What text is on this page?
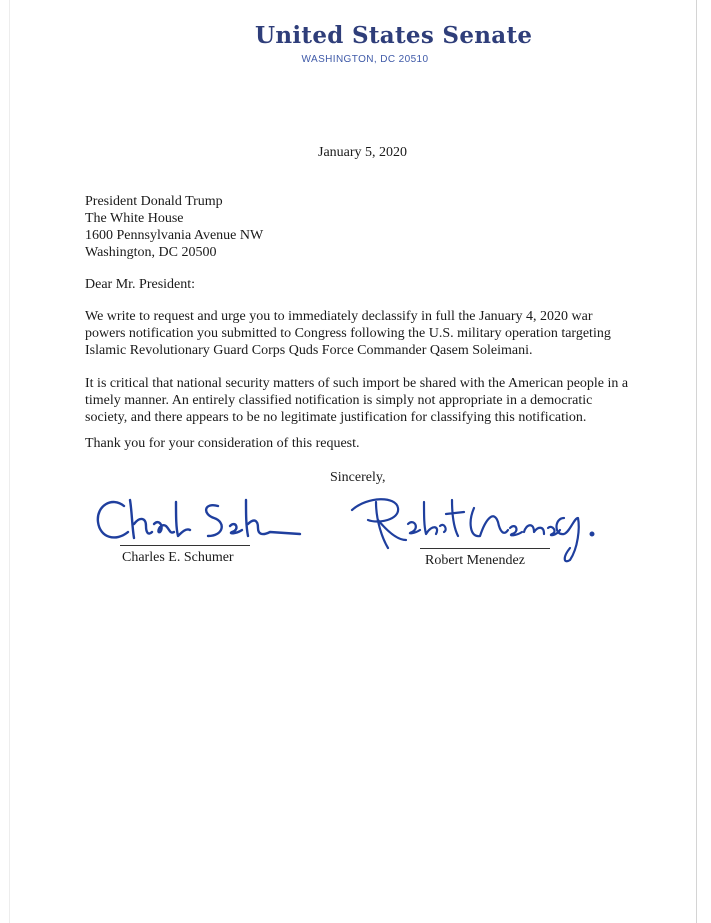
United States Senate
WASHINGTON, DC 20510
January 5, 2020
President Donald Trump
The White House
1600 Pennsylvania Avenue NW
Washington, DC 20500
Dear Mr. President:
We write to request and urge you to immediately declassify in full the January 4, 2020 war
powers notification you submitted to Congress following the U.S. military operation targeting
Islamic Revolutionary Guard Corps Quds Force Commander Qasem Soleimani.
It is critical that national security matters of such import be shared with the American people in a
timely manner. An entirely classified notification is simply not appropriate in a democratic
society, and there appears to be no legitimate justification for classifying this notification.
Thank you for your consideration of this request.
Sincerely,
Charles E. Schumer	Robert Menendez
